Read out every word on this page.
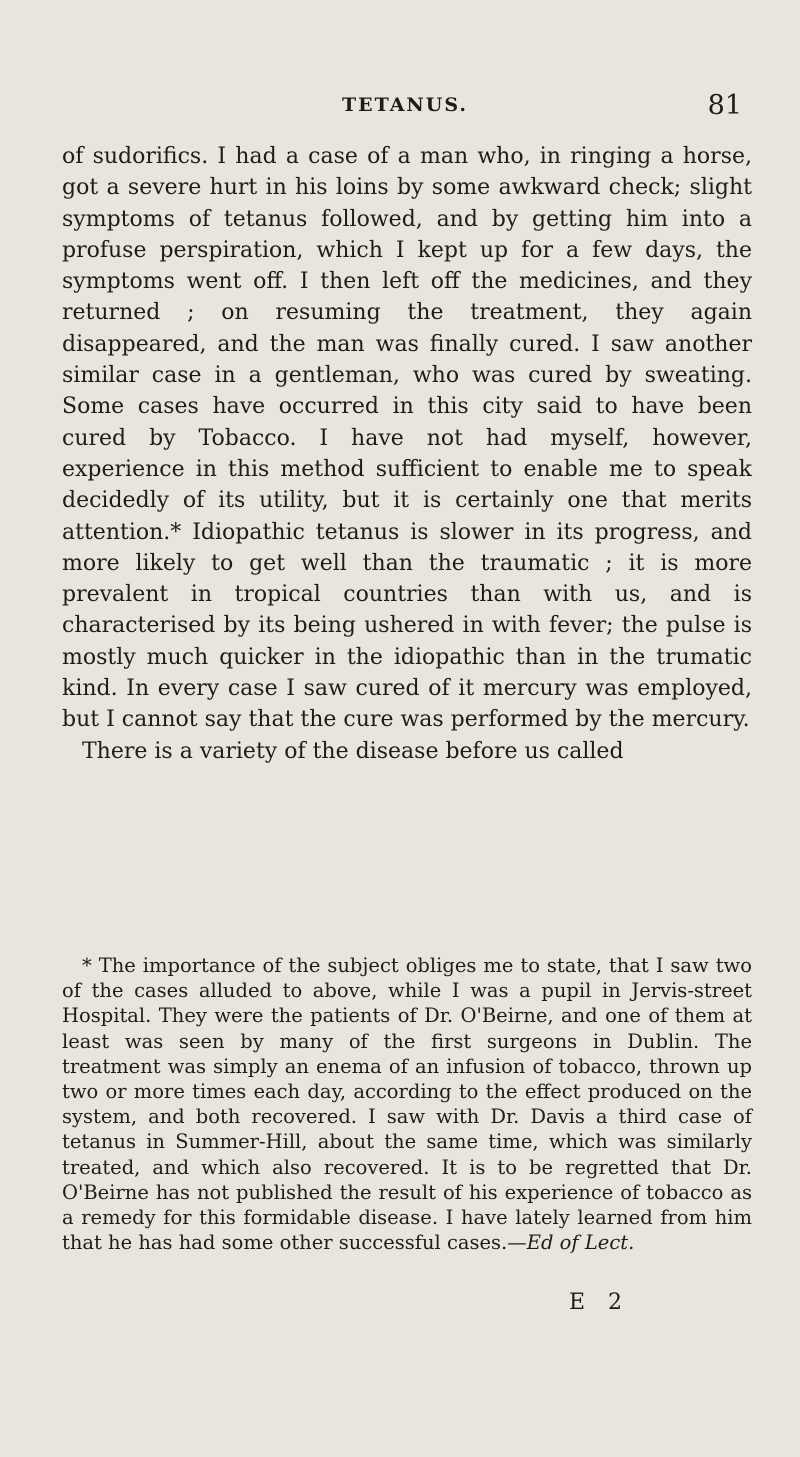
TETANUS.	81

of sudorifics. I had a case of a man who, in ringing a horse, got a severe hurt in his loins by some awkward check; slight symptoms of tetanus followed, and by getting him into a profuse perspiration, which I kept up for a few days, the symptoms went off. I then left off the medicines, and they returned ; on resuming the treatment, they again disappeared, and the man was finally cured. I saw another similar case in a gentleman, who was cured by sweating. Some cases have occurred in this city said to have been cured by Tobacco. I have not had myself, however, experience in this method sufficient to enable me to speak decidedly of its utility, but it is certainly one that merits attention.* Idiopathic tetanus is slower in its progress, and more likely to get well than the traumatic ; it is more prevalent in tropical countries than with us, and is characterised by its being ushered in with fever; the pulse is mostly much quicker in the idiopathic than in the trumatic kind. In every case I saw cured of it mercury was employed, but I cannot say that the cure was performed by the mercury.

There is a variety of the disease before us called

* The importance of the subject obliges me to state, that I saw two of the cases alluded to above, while I was a pupil in Jervis-street Hospital. They were the patients of Dr. O'Beirne, and one of them at least was seen by many of the first surgeons in Dublin. The treatment was simply an enema of an infusion of tobacco, thrown up two or more times each day, according to the effect produced on the system, and both recovered. I saw with Dr. Davis a third case of tetanus in Summer-Hill, about the same time, which was similarly treated, and which also recovered. It is to be regretted that Dr. O'Beirne has not published the result of his experience of tobacco as a remedy for this formidable disease. I have lately learned from him that he has had some other successful cases.—Ed of Lect.

E 2
